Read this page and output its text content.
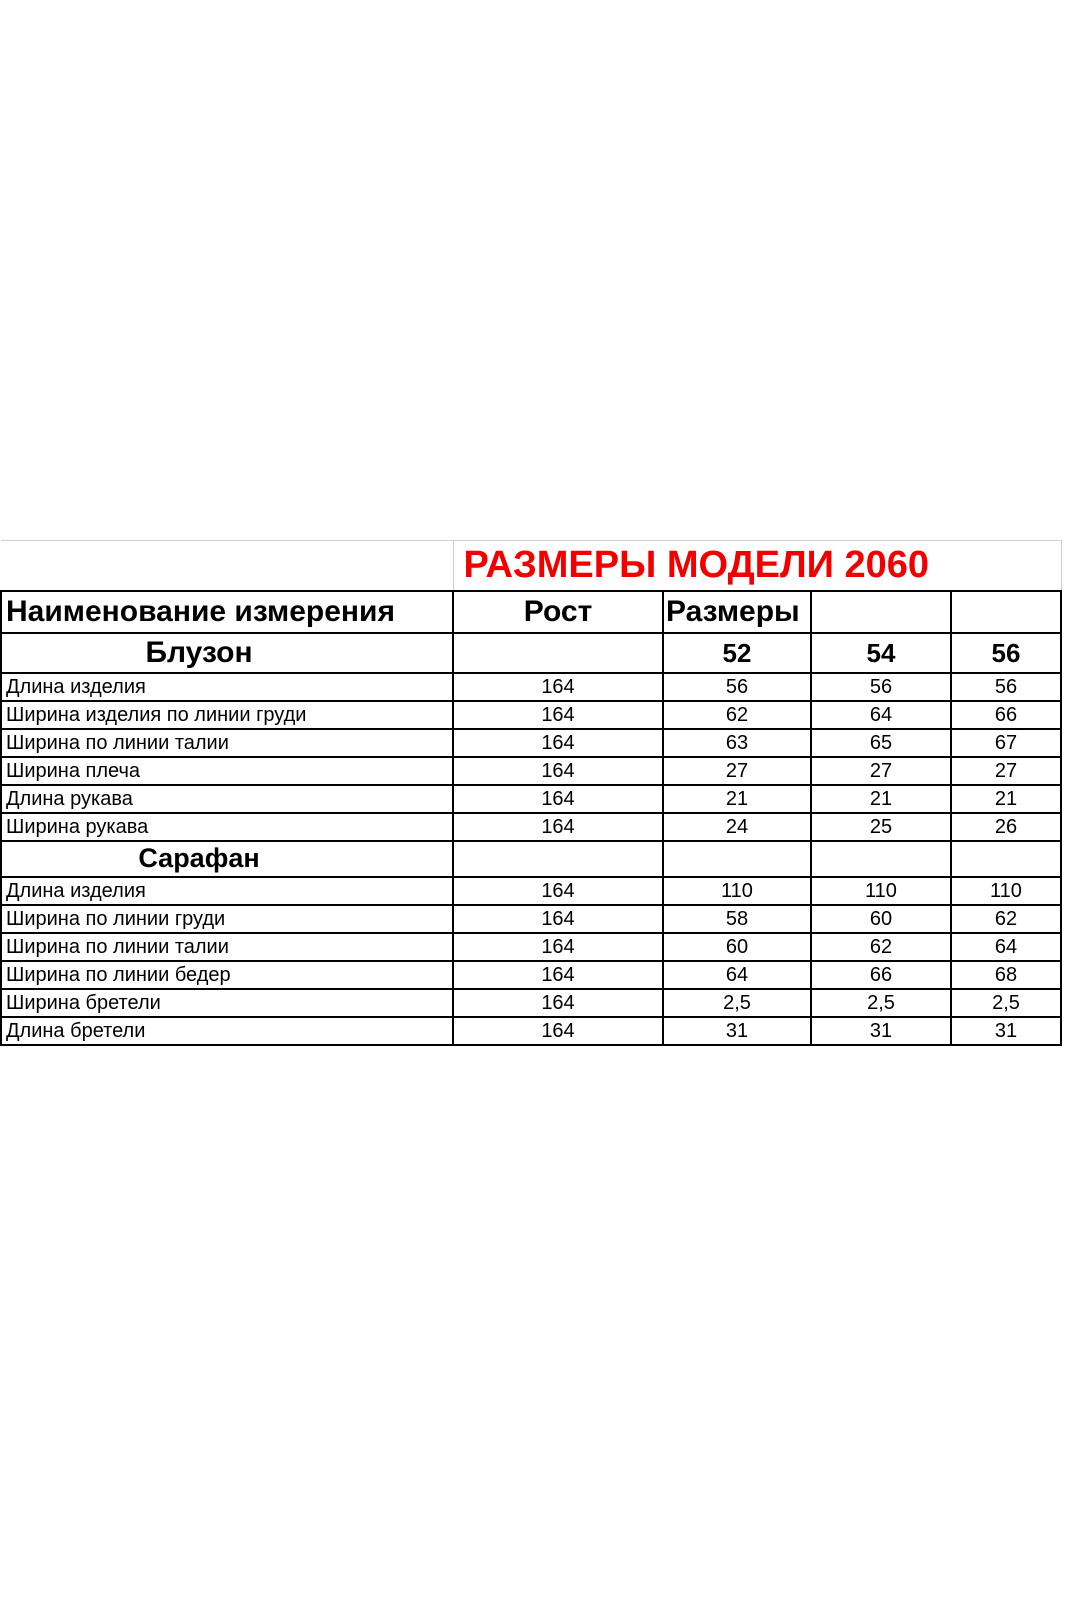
	РАЗМЕРЫ МОДЕЛИ 2060			
Наименование измерения	Рост	Размеры		
Блузон		52	54	56
Длина изделия	164	56	56	56
Ширина изделия по линии груди	164	62	64	66
Ширина по линии талии	164	63	65	67
Ширина плеча	164	27	27	27
Длина рукава	164	21	21	21
Ширина рукава	164	24	25	26
Сарафан				
Длина изделия	164	110	110	110
Ширина по линии груди	164	58	60	62
Ширина по линии талии	164	60	62	64
Ширина по линии бедер	164	64	66	68
Ширина бретели	164	2,5	2,5	2,5
Длина бретели	164	31	31	31
